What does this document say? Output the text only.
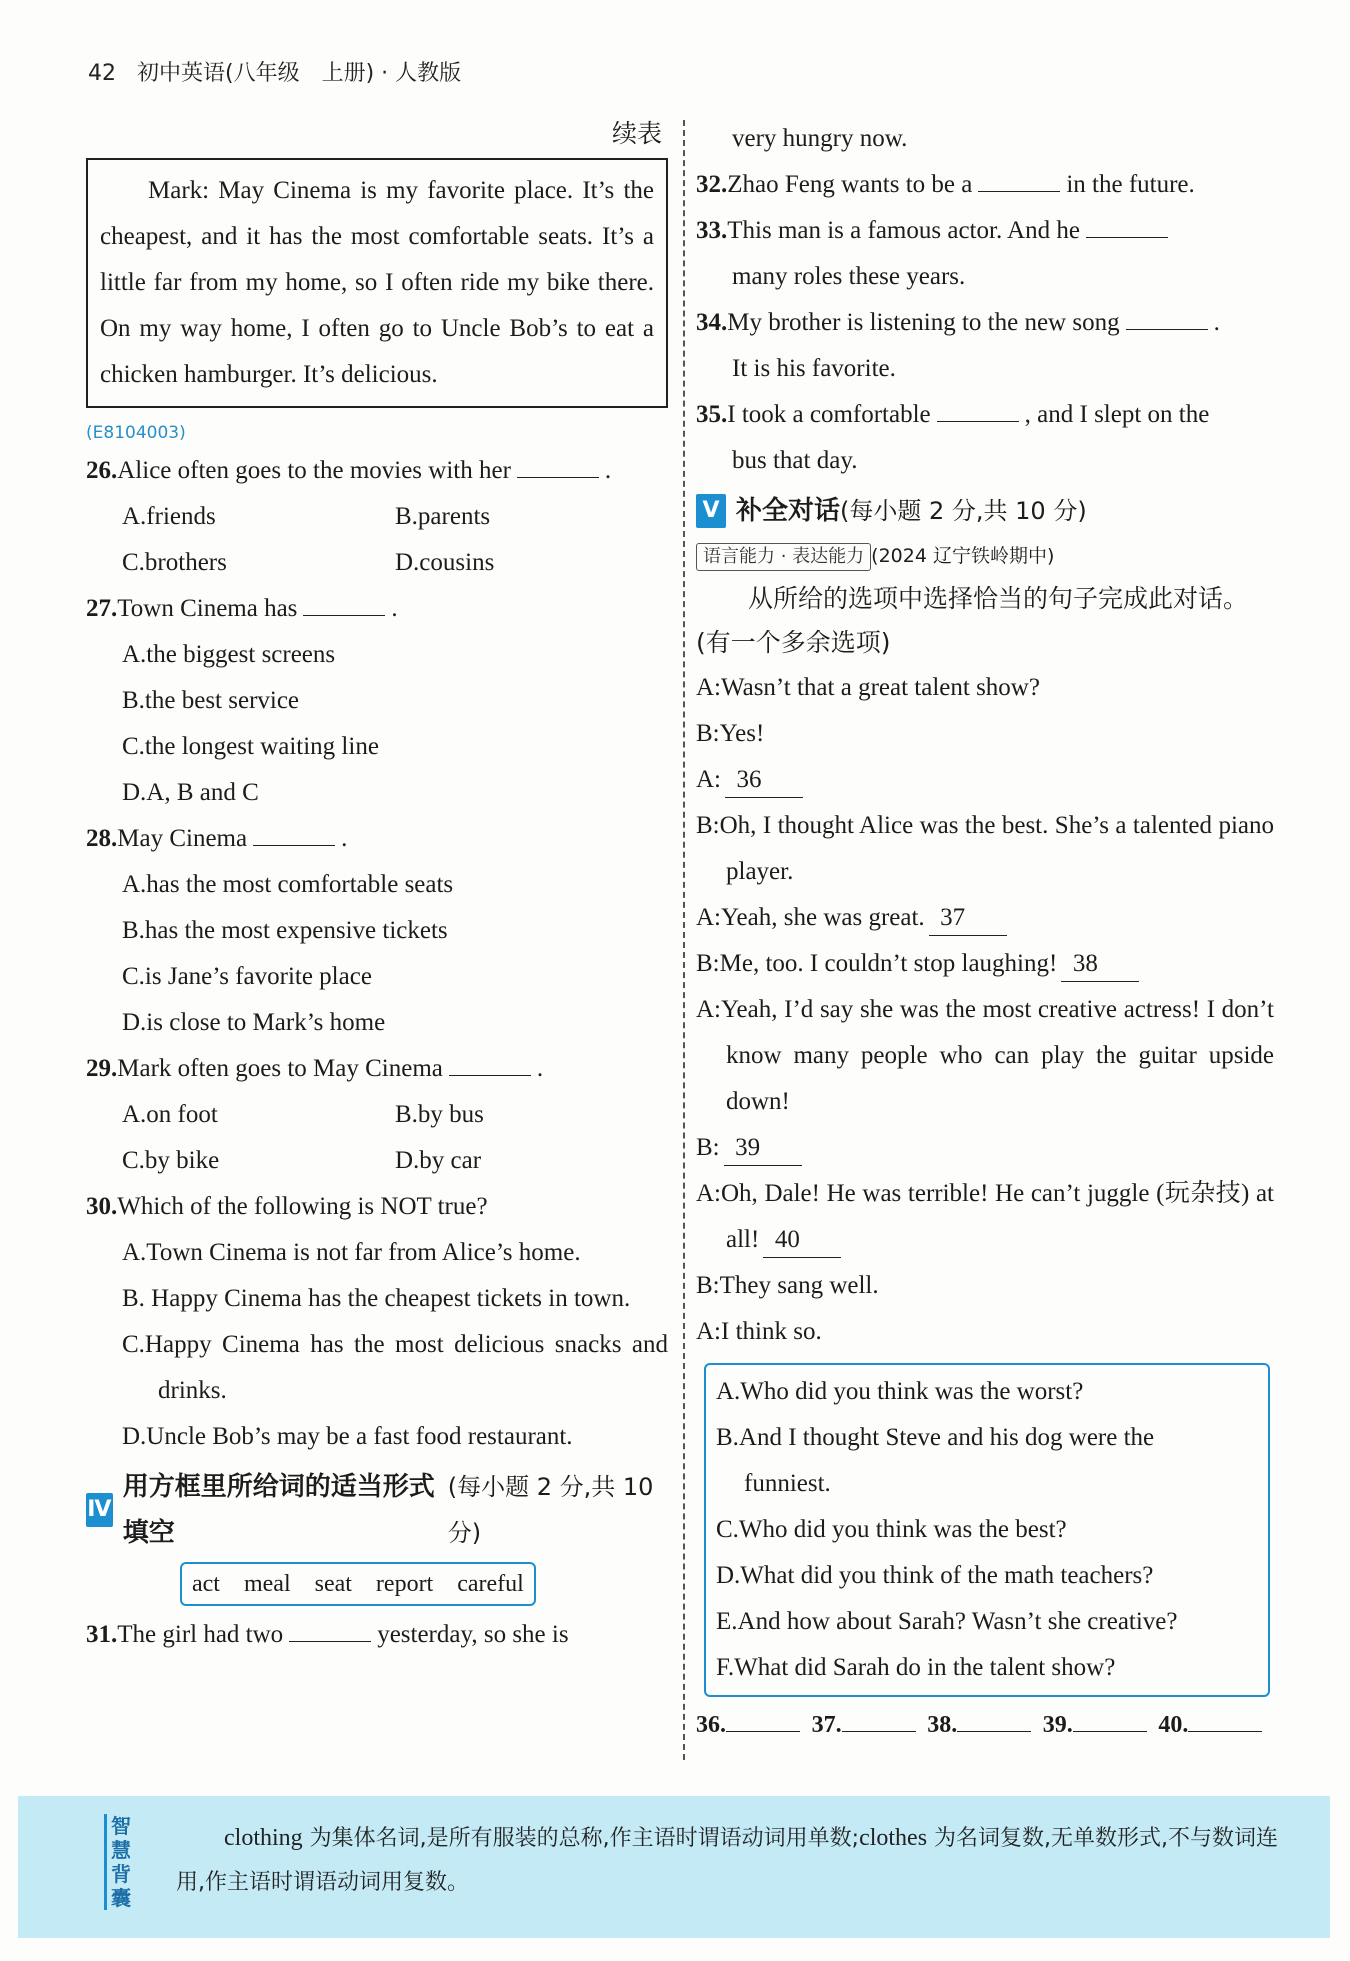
42 初中英语(八年级　上册) · 人教版
续表
Mark: May Cinema is my favorite place. It’s the cheapest, and it has the most comfortable seats. It’s a little far from my home, so I often ride my bike there. On my way home, I often go to Uncle Bob’s to eat a chicken hamburger. It’s delicious.
(E8104003)
26.Alice often goes to the movies with her	.
A.friends	B.parents
C.brothers	D.cousins
27.Town Cinema has	.
A.the biggest screens
B.the best service
C.the longest waiting line
D.A, B and C
28.May Cinema	.
A.has the most comfortable seats
B.has the most expensive tickets
C.is Jane’s favorite place
D.is close to Mark’s home
29.Mark often goes to May Cinema	.
A.on foot	B.by bus
C.by bike	D.by car
30.Which of the following is NOT true?
A.Town Cinema is not far from Alice’s home.
B. Happy Cinema has the cheapest tickets in town.
C.Happy Cinema has the most delicious snacks and drinks.
D.Uncle Bob’s may be a fast food restaurant.
Ⅳ
用方框里所给词的适当形式填空
(每小题 2 分,共 10 分)
act　meal　seat　report　careful
31.The girl had two	yesterday, so she is
very hungry now.
32.Zhao Feng wants to be a	in the future.
33.This man is a famous actor. And he
many roles these years.
34.My brother is listening to the new song	.
It is his favorite.
35.I took a comfortable	, and I slept on the
bus that day.
Ⅴ 补全对话 (每小题 2 分,共 10 分)
语言能力 · 表达能力 (2024 辽宁铁岭期中)
从所给的选项中选择恰当的句子完成此对话。(有一个多余选项)
A:Wasn’t that a great talent show?
B:Yes!
A: 36
B:Oh, I thought Alice was the best. She’s a talented piano player.
A:Yeah, she was great. 37
B:Me, too. I couldn’t stop laughing! 38
A:Yeah, I’d say she was the most creative actress! I don’t know many people who can play the guitar upside down!
B: 39
A:Oh, Dale! He was terrible! He can’t juggle (玩杂技) at all! 40
B:They sang well.
A:I think so.
A.Who did you think was the worst?
B.And I thought Steve and his dog were the
funniest.
C.Who did you think was the best?
D.What did you think of the math teachers?
E.And how about Sarah? Wasn’t she creative?
F.What did Sarah do in the talent show?
36.	37.	38.	39.	40.
智慧背囊
clothing 为集体名词,是所有服装的总称,作主语时谓语动词用单数;clothes 为名词复数,无单数形式,不与数词连用,作主语时谓语动词用复数。
